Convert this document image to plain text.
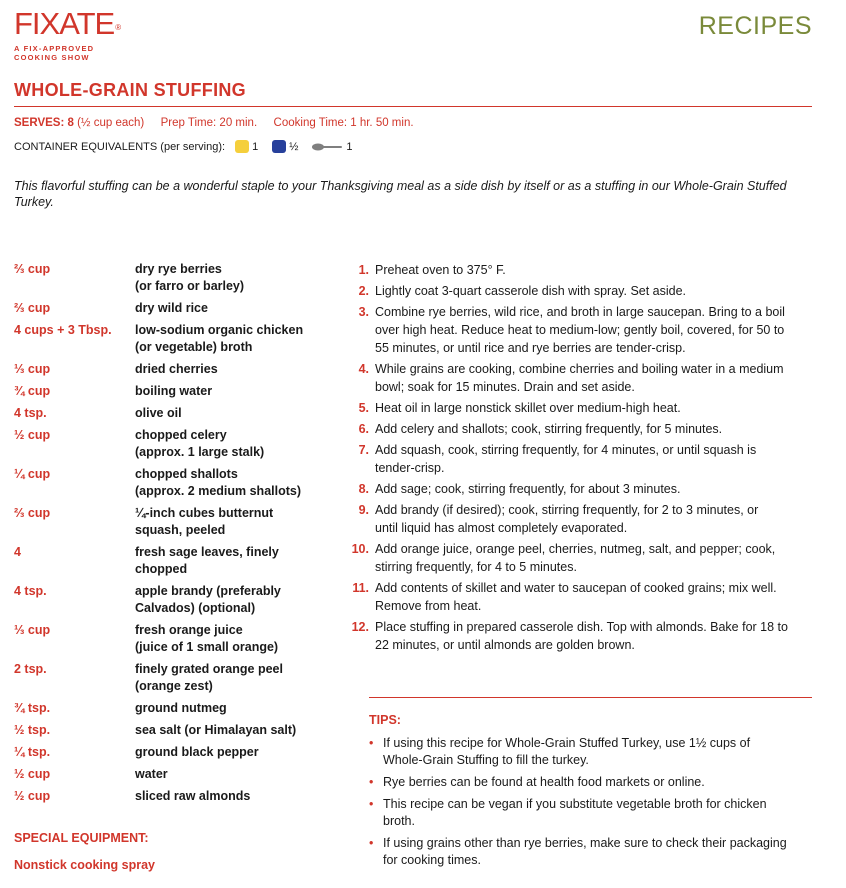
FIXATE ®
A FIX-APPROVED
COOKING SHOW
RECIPES
WHOLE-GRAIN STUFFING
SERVES: 8 (½ cup each) Prep Time: 20 min. Cooking Time: 1 hr. 50 min.
CONTAINER EQUIVALENTS (per serving): 1	½	1
This flavorful stuffing can be a wonderful staple to your Thanksgiving meal as a side dish by itself or as a stuffing in our Whole-Grain Stuffed Turkey.
⅔ cup	dry rye berries
(or farro or barley)
⅔ cup	dry wild rice
4 cups + 3 Tbsp.	low-sodium organic chicken
(or vegetable) broth
⅓ cup	dried cherries
¾ cup	boiling water
4 tsp.	olive oil
½ cup	chopped celery
(approx. 1 large stalk)
¼ cup	chopped shallots
(approx. 2 medium shallots)
⅔ cup	¼-inch cubes butternut
squash, peeled
4	fresh sage leaves, finely
chopped
4 tsp.	apple brandy (preferably
Calvados) (optional)
⅓ cup	fresh orange juice
(juice of 1 small orange)
2 tsp.	finely grated orange peel
(orange zest)
¾ tsp.	ground nutmeg
½ tsp.	sea salt (or Himalayan salt)
¼ tsp.	ground black pepper
½ cup	water
½ cup	sliced raw almonds
SPECIAL EQUIPMENT:
Nonstick cooking spray
1. Preheat oven to 375° F.
2. Lightly coat 3-quart casserole dish with spray. Set aside.
3. Combine rye berries, wild rice, and broth in large saucepan. Bring to a boil
over high heat. Reduce heat to medium-low; gently boil, covered, for 50 to
55 minutes, or until rice and rye berries are tender-crisp.
4. While grains are cooking, combine cherries and boiling water in a medium
bowl; soak for 15 minutes. Drain and set aside.
5. Heat oil in large nonstick skillet over medium-high heat.
6. Add celery and shallots; cook, stirring frequently, for 5 minutes.
7. Add squash, cook, stirring frequently, for 4 minutes, or until squash is
tender-crisp.
8. Add sage; cook, stirring frequently, for about 3 minutes.
9. Add brandy (if desired); cook, stirring frequently, for 2 to 3 minutes, or
until liquid has almost completely evaporated.
10. Add orange juice, orange peel, cherries, nutmeg, salt, and pepper; cook,
stirring frequently, for 4 to 5 minutes.
11. Add contents of skillet and water to saucepan of cooked grains; mix well.
Remove from heat.
12. Place stuffing in prepared casserole dish. Top with almonds. Bake for 18 to
22 minutes, or until almonds are golden brown.
TIPS:
• If using this recipe for Whole-Grain Stuffed Turkey, use 1½ cups of
Whole-Grain Stuffing to fill the turkey.
• Rye berries can be found at health food markets or online.
• This recipe can be vegan if you substitute vegetable broth for chicken
broth.
• If using grains other than rye berries, make sure to check their packaging
for cooking times.
